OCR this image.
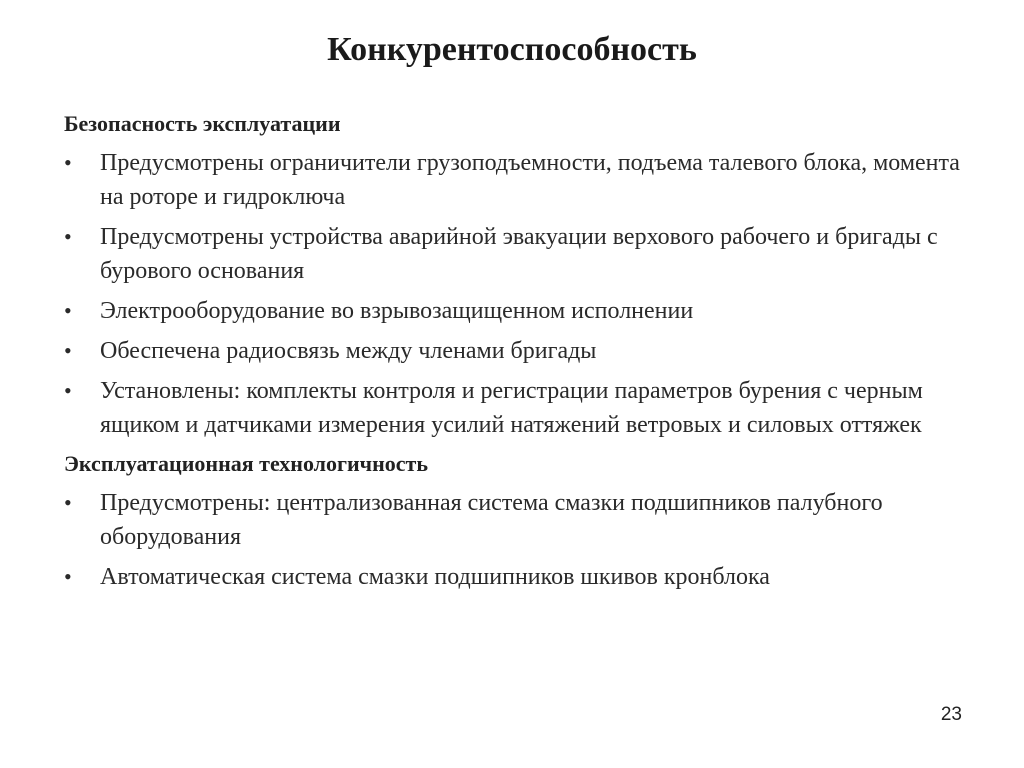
Конкурентоспособность
Безопасность эксплуатации
•	Предусмотрены ограничители грузоподъемности, подъема талевого блока, момента на роторе и гидроключа
•	Предусмотрены устройства аварийной эвакуации верхового рабочего и бригады с бурового основания
•	Электрооборудование во взрывозащищенном исполнении
•	Обеспечена радиосвязь между членами бригады
•	Установлены: комплекты контроля и регистрации параметров бурения с черным ящиком и датчиками измерения усилий натяжений ветровых и силовых оттяжек
Эксплуатационная технологичность
•	Предусмотрены: централизованная система смазки подшипников палубного оборудования
•	Автоматическая система смазки подшипников шкивов кронблока
23
